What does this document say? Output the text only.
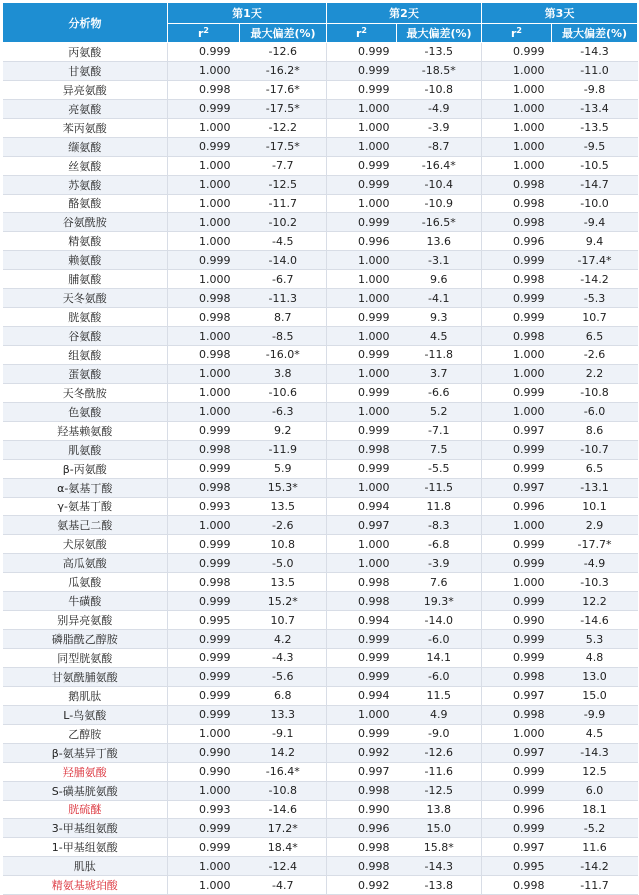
分析物	第1天		第2天		第3天	
	$r^2$	最大偏差(%)	$r^2$	最大偏差(%)	$r^2$	最大偏差(%)
丙氨酸	0.999	-12.6	0.999	-13.5	0.999	-14.3
甘氨酸	1.000	-16.2*	0.999	-18.5*	1.000	-11.0
异亮氨酸	0.998	-17.6*	0.999	-10.8	1.000	-9.8
亮氨酸	0.999	-17.5*	1.000	-4.9	1.000	-13.4
苯丙氨酸	1.000	-12.2	1.000	-3.9	1.000	-13.5
缬氨酸	0.999	-17.5*	1.000	-8.7	1.000	-9.5
丝氨酸	1.000	-7.7	0.999	-16.4*	1.000	-10.5
苏氨酸	1.000	-12.5	0.999	-10.4	0.998	-14.7
酪氨酸	1.000	-11.7	1.000	-10.9	0.998	-10.0
谷氨酰胺	1.000	-10.2	0.999	-16.5*	0.998	-9.4
精氨酸	1.000	-4.5	0.996	13.6	0.996	9.4
赖氨酸	0.999	-14.0	1.000	-3.1	0.999	-17.4*
脯氨酸	1.000	-6.7	1.000	9.6	0.998	-14.2
天冬氨酸	0.998	-11.3	1.000	-4.1	0.999	-5.3
胱氨酸	0.998	8.7	0.999	9.3	0.999	10.7
谷氨酸	1.000	-8.5	1.000	4.5	0.998	6.5
组氨酸	0.998	-16.0*	0.999	-11.8	1.000	-2.6
蛋氨酸	1.000	3.8	1.000	3.7	1.000	2.2
天冬酰胺	1.000	-10.6	0.999	-6.6	0.999	-10.8
色氨酸	1.000	-6.3	1.000	5.2	1.000	-6.0
羟基赖氨酸	0.999	9.2	0.999	-7.1	0.997	8.6
肌氨酸	0.998	-11.9	0.998	7.5	0.999	-10.7
β-丙氨酸	0.999	5.9	0.999	-5.5	0.999	6.5
α-氨基丁酸	0.998	15.3*	1.000	-11.5	0.997	-13.1
γ-氨基丁酸	0.993	13.5	0.994	11.8	0.996	10.1
氨基己二酸	1.000	-2.6	0.997	-8.3	1.000	2.9
犬尿氨酸	0.999	10.8	1.000	-6.8	0.999	-17.7*
高瓜氨酸	0.999	-5.0	1.000	-3.9	0.999	-4.9
瓜氨酸	0.998	13.5	0.998	7.6	1.000	-10.3
牛磺酸	0.999	15.2*	0.998	19.3*	0.999	12.2
别异亮氨酸	0.995	10.7	0.994	-14.0	0.990	-14.6
磷脂酰乙醇胺	0.999	4.2	0.999	-6.0	0.999	5.3
同型胱氨酸	0.999	-4.3	0.999	14.1	0.999	4.8
甘氨酰脯氨酸	0.999	-5.6	0.999	-6.0	0.998	13.0
鹅肌肽	0.999	6.8	0.994	11.5	0.997	15.0
L-鸟氨酸	0.999	13.3	1.000	4.9	0.998	-9.9
乙醇胺	1.000	-9.1	0.999	-9.0	1.000	4.5
β-氨基异丁酸	0.990	14.2	0.992	-12.6	0.997	-14.3
羟脯氨酸	0.990	-16.4*	0.997	-11.6	0.999	12.5
S-磺基胱氨酸	1.000	-10.8	0.998	-12.5	0.999	6.0
胱硫醚	0.993	-14.6	0.990	13.8	0.996	18.1
3-甲基组氨酸	0.999	17.2*	0.996	15.0	0.999	-5.2
1-甲基组氨酸	0.999	18.4*	0.998	15.8*	0.997	11.6
肌肽	1.000	-12.4	0.998	-14.3	0.995	-14.2
精氨基琥珀酸	1.000	-4.7	0.992	-13.8	0.998	-11.7
